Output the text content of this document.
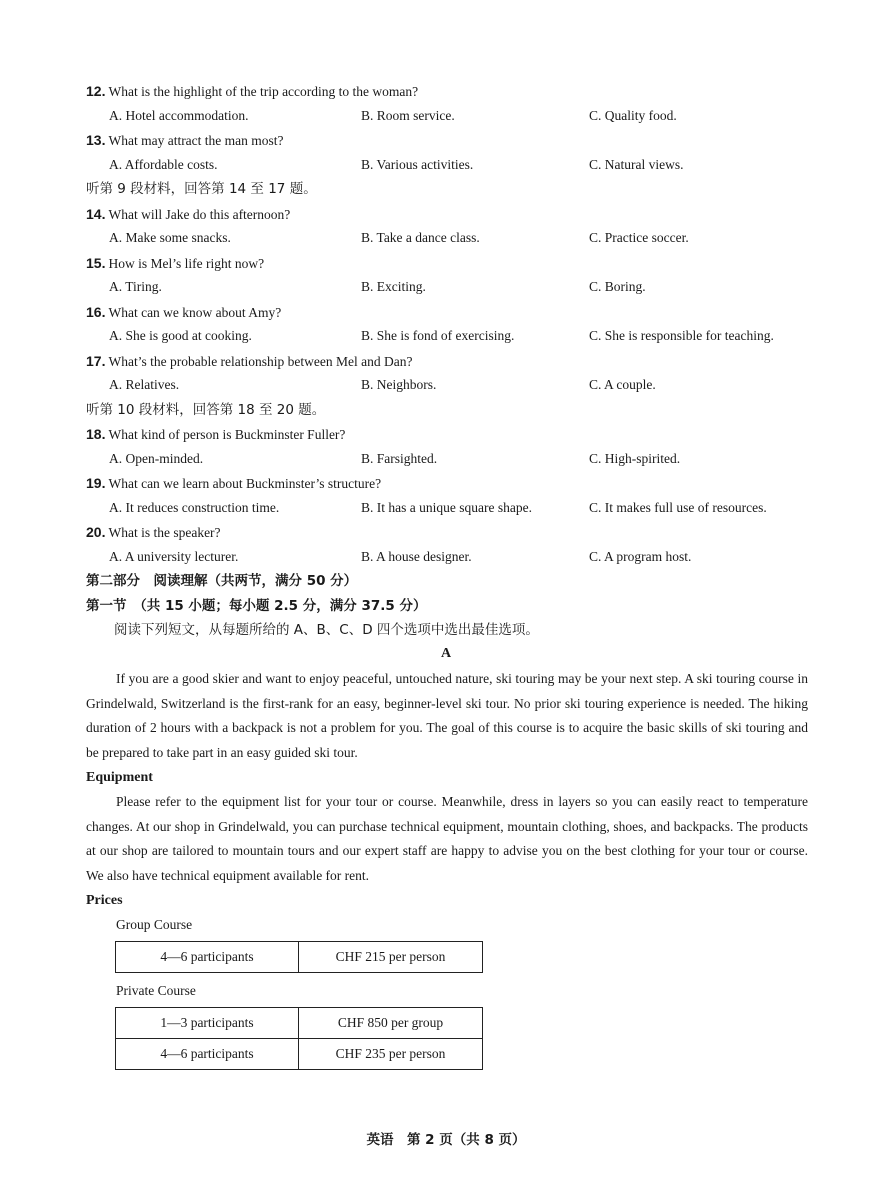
12. What is the highlight of the trip according to the woman?
A. Hotel accommodation.	B. Room service.	C. Quality food.
13. What may attract the man most?
A. Affordable costs.	B. Various activities.	C. Natural views.
听第 9 段材料，回答第 14 至 17 题。
14. What will Jake do this afternoon?
A. Make some snacks.	B. Take a dance class.	C. Practice soccer.
15. How is Mel’s life right now?
A. Tiring.	B. Exciting.	C. Boring.
16. What can we know about Amy?
A. She is good at cooking.	B. She is fond of exercising.	C. She is responsible for teaching.
17. What’s the probable relationship between Mel and Dan?
A. Relatives.	B. Neighbors.	C. A couple.
听第 10 段材料，回答第 18 至 20 题。
18. What kind of person is Buckminster Fuller?
A. Open-minded.	B. Farsighted.	C. High-spirited.
19. What can we learn about Buckminster’s structure?
A. It reduces construction time.	B. It has a unique square shape.	C. It makes full use of resources.
20. What is the speaker?
A. A university lecturer.	B. A house designer.	C. A program host.
第二部分　阅读理解（共两节，满分 50 分）
第一节　（共 15 小题；每小题 2.5 分，满分 37.5 分）
阅读下列短文，从每题所给的 A、B、C、D 四个选项中选出最佳选项。
A

If you are a good skier and want to enjoy peaceful, untouched nature, ski touring may be your next step. A ski touring course in Grindelwald, Switzerland is the first-rank for an easy, beginner-level ski tour. No prior ski touring experience is needed. The hiking duration of 2 hours with a backpack is not a problem for you. The goal of this course is to acquire the basic skills of ski touring and be prepared to take part in an easy guided ski tour.

Equipment

Please refer to the equipment list for your tour or course. Meanwhile, dress in layers so you can easily react to temperature changes. At our shop in Grindelwald, you can purchase technical equipment, mountain clothing, shoes, and backpacks. The products at our shop are tailored to mountain tours and our expert staff are happy to advise you on the best clothing for your tour or course. We also have technical equipment available for rent.

Prices
Group Course
4—6 participants	CHF 215 per person
Private Course
1—3 participants	CHF 850 per group
4—6 participants	CHF 235 per person
英语　第 2 页（共 8 页）
